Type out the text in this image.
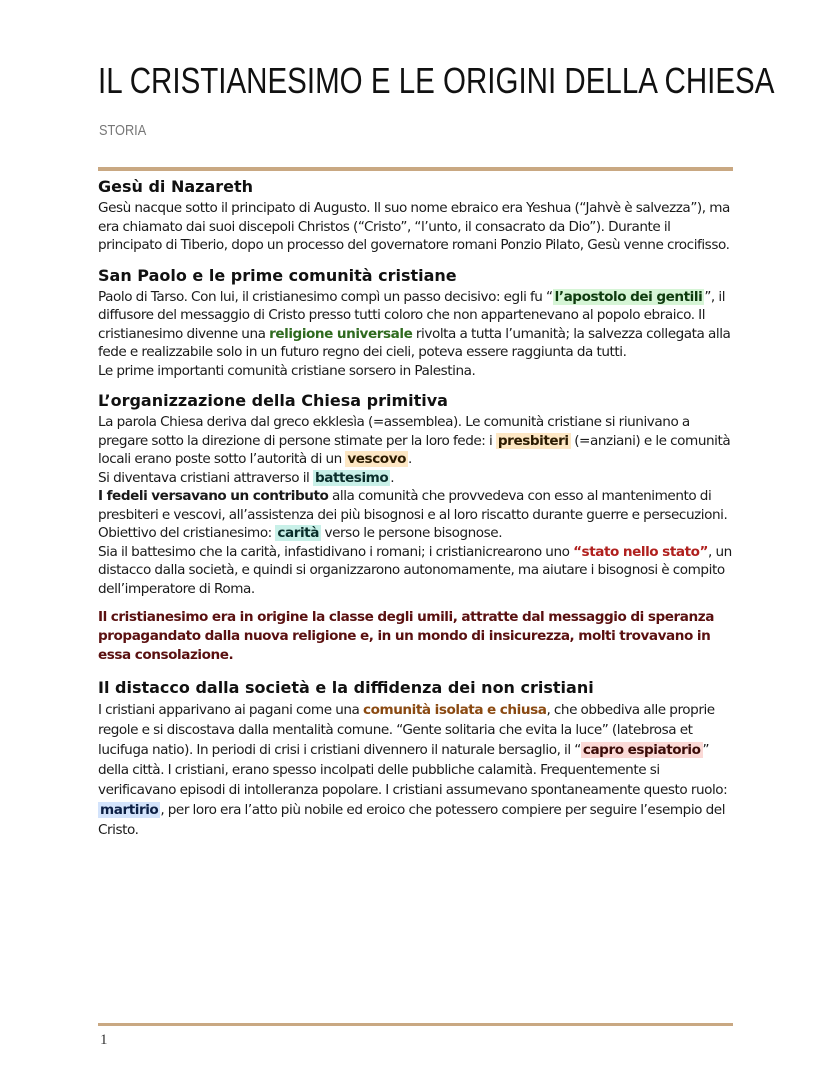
IL CRISTIANESIMO E LE ORIGINI DELLA CHIESA
STORIA
Gesù di Nazareth

Gesù nacque sotto il principato di Augusto. Il suo nome ebraico era Yeshua (“Jahvè è salvezza”), ma era chiamato dai suoi discepoli Christos (“Cristo”, “l’unto, il consacrato da Dio”). Durante il principato di Tiberio, dopo un processo del governatore romani Ponzio Pilato, Gesù venne crocifisso.

San Paolo e le prime comunità cristiane

Paolo di Tarso. Con lui, il cristianesimo compì un passo decisivo: egli fu “ l’apostolo dei gentili ”, il diffusore del messaggio di Cristo presso tutti coloro che non appartenevano al popolo ebraico. Il cristianesimo divenne una religione universale rivolta a tutta l’umanità; la salvezza collegata alla fede e realizzabile solo in un futuro regno dei cieli, poteva essere raggiunta da tutti.

Le prime importanti comunità cristiane sorsero in Palestina.

L’organizzazione della Chiesa primitiva

La parola Chiesa deriva dal greco ekklesìa (=assemblea). Le comunità cristiane si riunivano a pregare sotto la direzione di persone stimate per la loro fede: i presbiteri (=anziani) e le comunità locali erano poste sotto l’autorità di un vescovo .

Si diventava cristiani attraverso il battesimo .

I fedeli versavano un contributo alla comunità che provvedeva con esso al mantenimento di presbiteri e vescovi, all’assistenza dei più bisognosi e al loro riscatto durante guerre e persecuzioni. Obiettivo del cristianesimo: carità verso le persone bisognose.

Sia il battesimo che la carità, infastidivano i romani; i cristianicrearono uno “stato nello stato”, un distacco dalla società, e quindi si organizzarono autonomamente, ma aiutare i bisognosi è compito dell’imperatore di Roma.

Il cristianesimo era in origine la classe degli umili, attratte dal messaggio di speranza propagandato dalla nuova religione e, in un mondo di insicurezza, molti trovavano in essa consolazione.

Il distacco dalla società e la diffidenza dei non cristiani

I cristiani apparivano ai pagani come una comunità isolata e chiusa, che obbediva alle proprie regole e si discostava dalla mentalità comune. “Gente solitaria che evita la luce” (latebrosa et lucifuga natio). In periodi di crisi i cristiani divennero il naturale bersaglio, il “ capro espiatorio ” della città. I cristiani, erano spesso incolpati delle pubbliche calamità. Frequentemente si verificavano episodi di intolleranza popolare. I cristiani assumevano spontaneamente questo ruolo: martirio , per loro era l’atto più nobile ed eroico che potessero compiere per seguire l’esempio del Cristo.

1
